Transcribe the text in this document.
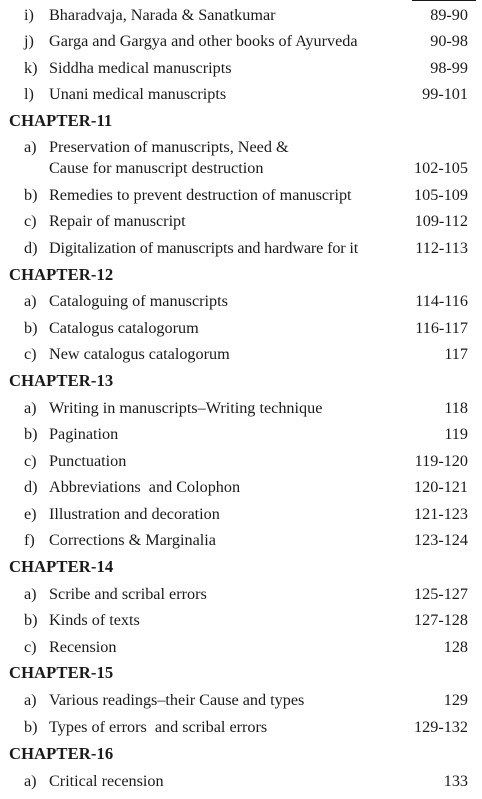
i) Bharadvaja, Narada & Sanatkumar	89-90
j) Garga and Gargya and other books of Ayurveda	90-98
k) Siddha medical manuscripts	98-99
l) Unani medical manuscripts	99-101
CHAPTER-11
a) Preservation of manuscripts, Need &
Cause for manuscript destruction	102-105
b) Remedies to prevent destruction of manuscript	105-109
c) Repair of manuscript	109-112
d) Digitalization of manuscripts and hardware for it	112-113
CHAPTER-12
a) Cataloguing of manuscripts	114-116
b) Catalogus catalogorum	116-117
c) New catalogus catalogorum	117
CHAPTER-13
a) Writing in manuscripts–Writing technique	118
b) Pagination	119
c) Punctuation	119-120
d) Abbreviations  and Colophon	120-121
e) Illustration and decoration	121-123
f) Corrections & Marginalia	123-124
CHAPTER-14
a) Scribe and scribal errors	125-127
b) Kinds of texts	127-128
c) Recension	128
CHAPTER-15
a) Various readings–their Cause and types	129
b) Types of errors  and scribal errors	129-132
CHAPTER-16
a) Critical recension	133
